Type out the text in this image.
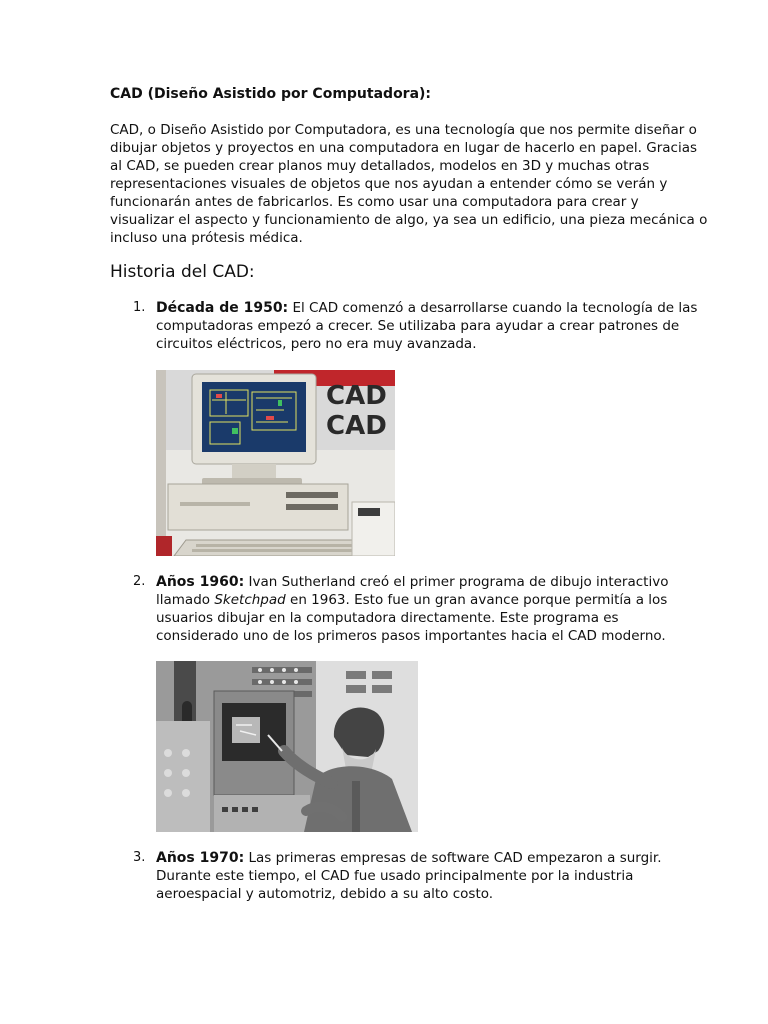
CAD (Diseño Asistido por Computadora):

CAD, o Diseño Asistido por Computadora, es una tecnología que nos permite diseñar o
dibujar objetos y proyectos en una computadora en lugar de hacerlo en papel. Gracias
al CAD, se pueden crear planos muy detallados, modelos en 3D y muchas otras
representaciones visuales de objetos que nos ayudan a entender cómo se verán y
funcionarán antes de fabricarlos. Es como usar una computadora para crear y
visualizar el aspecto y funcionamiento de algo, ya sea un edificio, una pieza mecánica o
incluso una prótesis médica.

Historia del CAD:
1. Década de 1950: El CAD comenzó a desarrollarse cuando la tecnología de las
computadoras empezó a crecer. Se utilizaba para ayudar a crear patrones de
circuitos eléctricos, pero no era muy avanzada.
CAD
CAD
2. Años 1960: Ivan Sutherland creó el primer programa de dibujo interactivo
llamado Sketchpad en 1963. Esto fue un gran avance porque permitía a los
usuarios dibujar en la computadora directamente. Este programa es
considerado uno de los primeros pasos importantes hacia el CAD moderno.
3. Años 1970: Las primeras empresas de software CAD empezaron a surgir.
Durante este tiempo, el CAD fue usado principalmente por la industria
aeroespacial y automotriz, debido a su alto costo.
